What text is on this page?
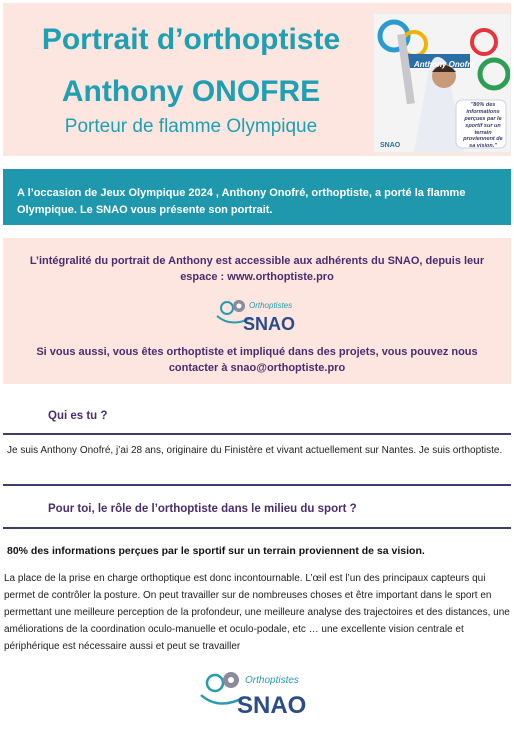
Portrait d’orthoptiste
Anthony ONOFRE
Porteur de flamme Olympique
Anthony Onofré
"80% des informations perçues par le sportif sur un terrain proviennent de sa vision."
SNAO
A l’occasion de Jeux Olympique 2024 , Anthony Onofré, orthoptiste, a porté la flamme Olympique. Le SNAO vous présente son portrait.
L’intégralité du portrait de Anthony est accessible aux adhérents du SNAO, depuis leur espace : www.orthoptiste.pro
Orthoptistes
SNAO
Si vous aussi, vous êtes orthoptiste et impliqué dans des projets, vous pouvez nous contacter à snao@orthoptiste.pro
Qui es tu ?
Je suis Anthony Onofré, j’ai 28 ans, originaire du Finistère et vivant actuellement sur Nantes. Je suis orthoptiste.
Pour toi, le rôle de l’orthoptiste dans le milieu du sport ?
80% des informations perçues par le sportif sur un terrain proviennent de sa vision.
La place de la prise en charge orthoptique est donc incontournable. L’œil est l’un des principaux capteurs qui permet de contrôler la posture. On peut travailler sur de nombreuses choses et être important dans le sport en permettant une meilleure perception de la profondeur, une meilleure analyse des trajectoires et des distances, une améliorations de la coordination oculo-manuelle et oculo-podale, etc … une excellente vision centrale et périphérique est nécessaire aussi et peut se travailler
Orthoptistes
SNAO
